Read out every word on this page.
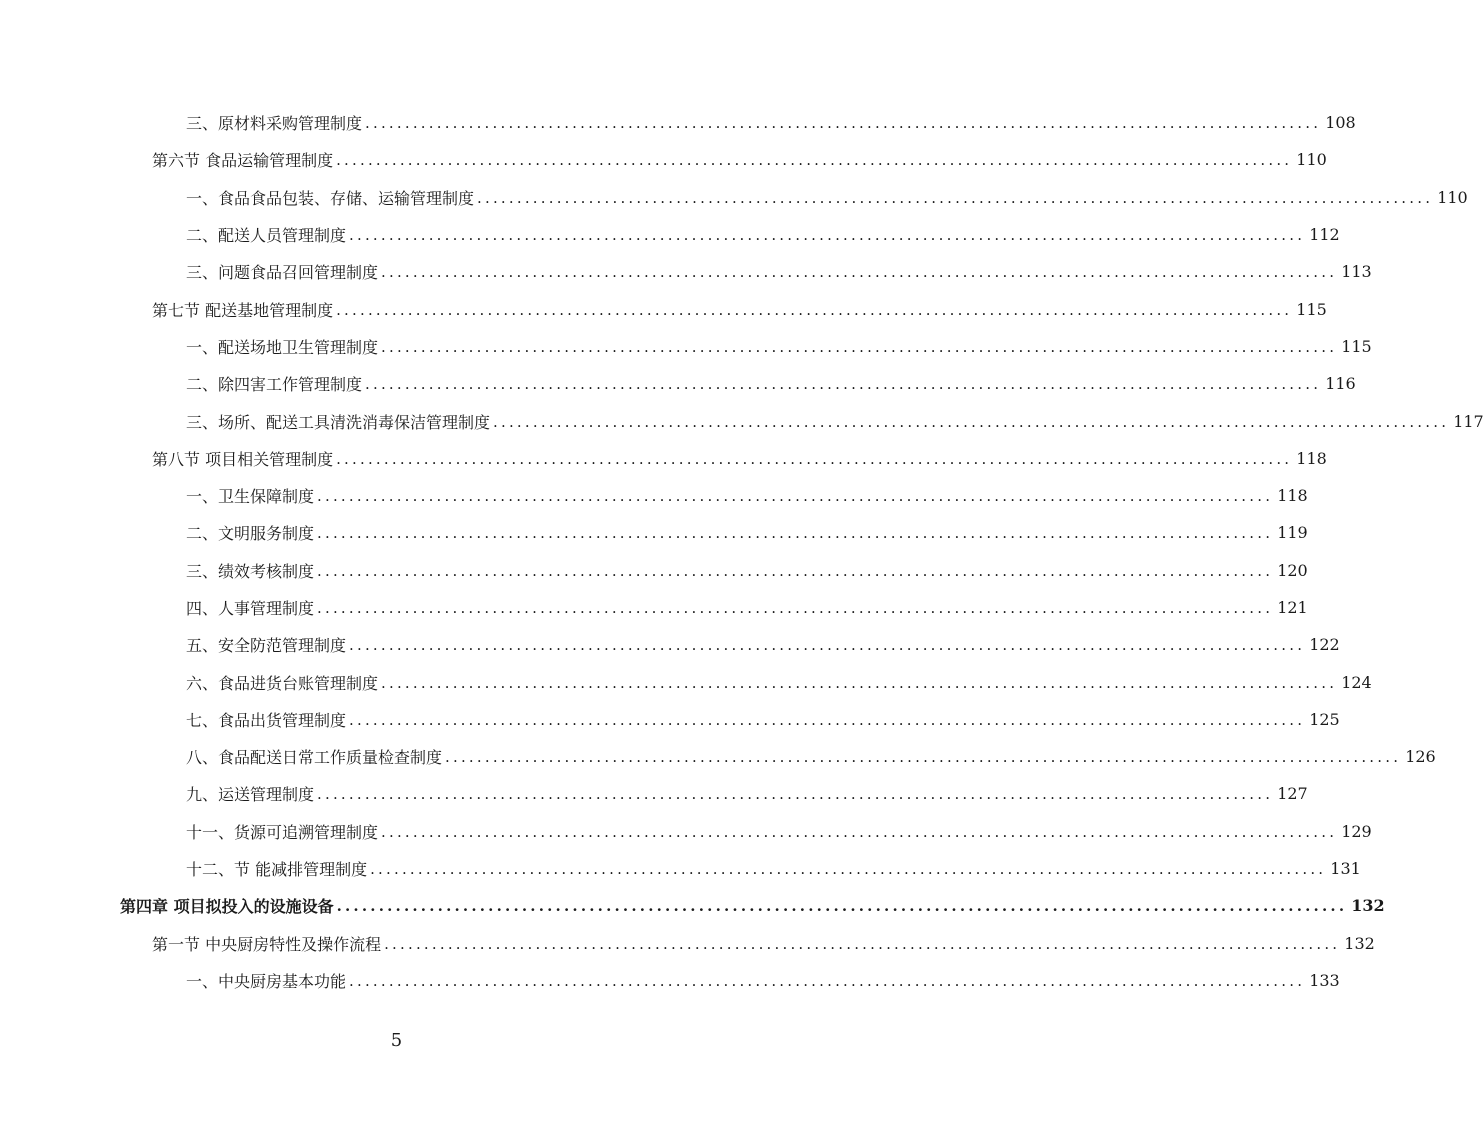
三、原材料采购管理制度 ........................................................................................................................ 108
第六节 食品运输管理制度 ........................................................................................................................ 110
一、食品食品包装、存储、运输管理制度 ........................................................................................................................ 110
二、配送人员管理制度 ........................................................................................................................ 112
三、问题食品召回管理制度 ........................................................................................................................ 113
第七节 配送基地管理制度 ........................................................................................................................ 115
一、配送场地卫生管理制度 ........................................................................................................................ 115
二、除四害工作管理制度 ........................................................................................................................ 116
三、场所、配送工具清洗消毒保洁管理制度 ........................................................................................................................ 117
第八节 项目相关管理制度 ........................................................................................................................ 118
一、卫生保障制度 ........................................................................................................................ 118
二、文明服务制度 ........................................................................................................................ 119
三、绩效考核制度 ........................................................................................................................ 120
四、人事管理制度 ........................................................................................................................ 121
五、安全防范管理制度 ........................................................................................................................ 122
六、食品进货台账管理制度 ........................................................................................................................ 124
七、食品出货管理制度 ........................................................................................................................ 125
八、食品配送日常工作质量检查制度 ........................................................................................................................ 126
九、运送管理制度 ........................................................................................................................ 127
十一、货源可追溯管理制度 ........................................................................................................................ 129
十二、节 能减排管理制度 ........................................................................................................................ 131
第四章 项目拟投入的设施设备 ........................................................................................................................ 132
第一节 中央厨房特性及操作流程 ........................................................................................................................ 132
一、中央厨房基本功能 ........................................................................................................................ 133
5
